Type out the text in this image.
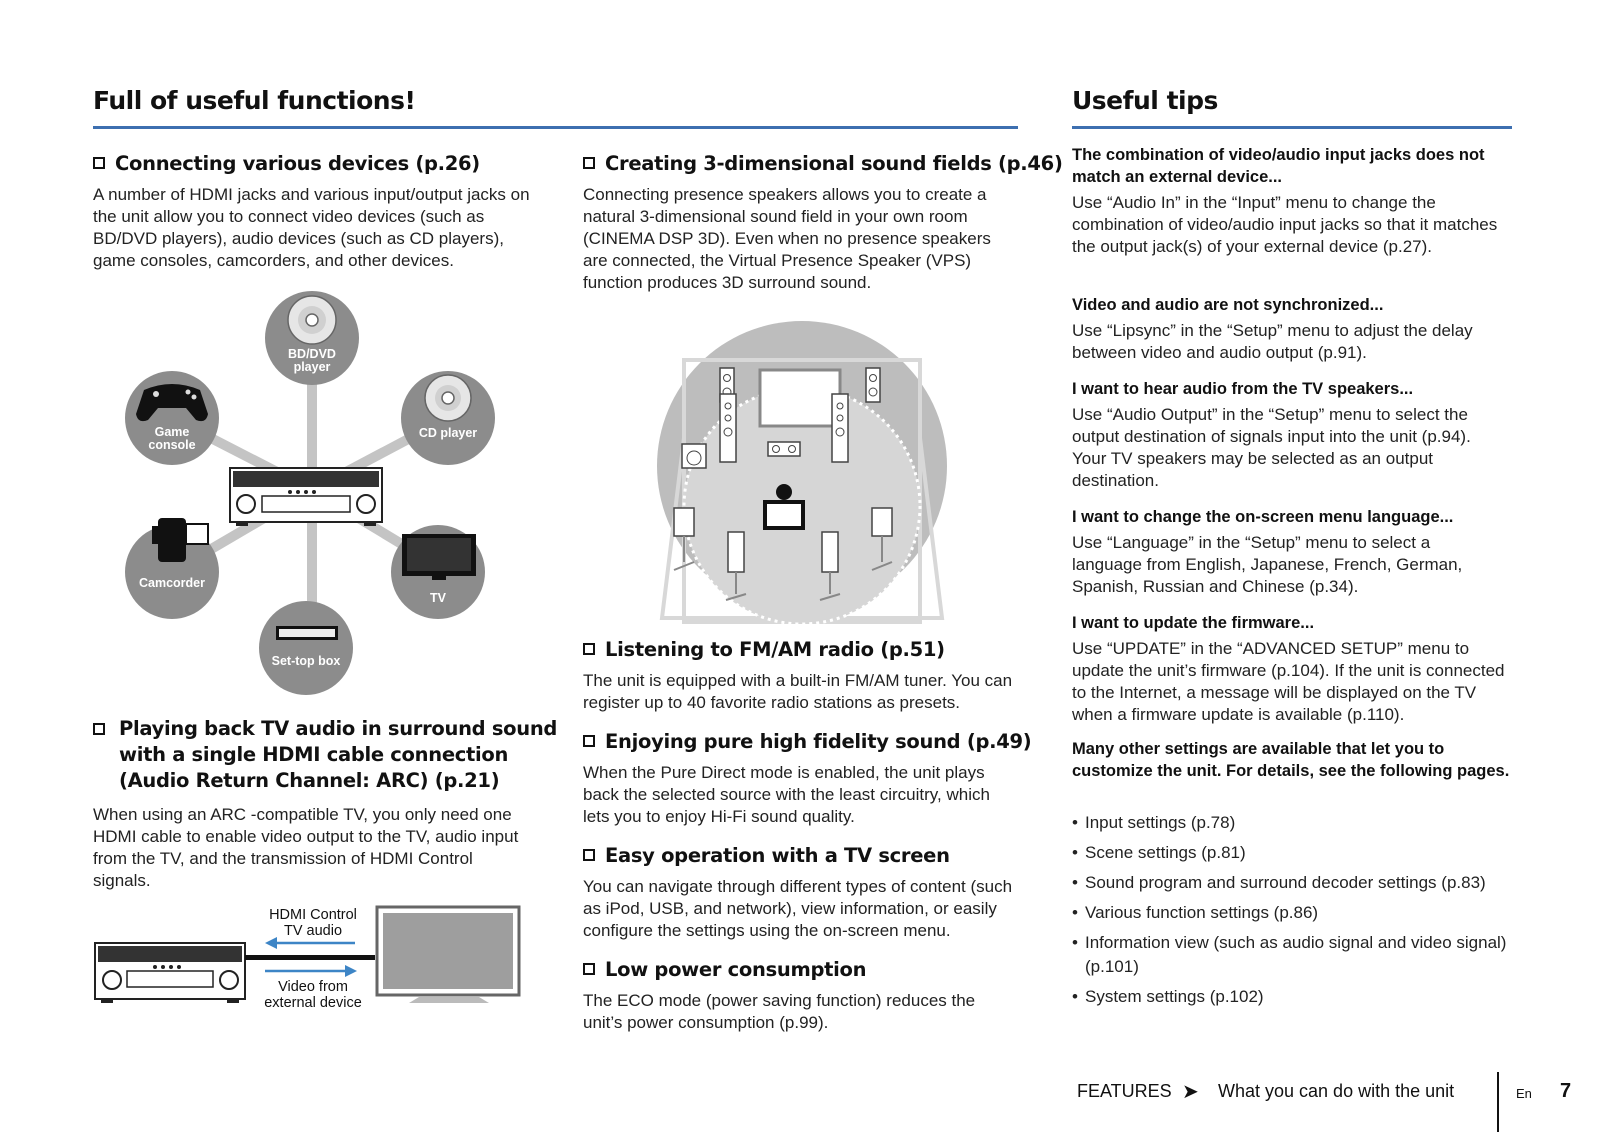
Full of useful functions!
Connecting various devices (p.26)
A number of HDMI jacks and various input/output jacks on the unit allow you to connect video devices (such as BD/DVD players), audio devices (such as CD players), game consoles, camcorders, and other devices.
BD/DVD
player
CD player
Game
console
Camcorder
TV
Set-top box
Playing back TV audio in surround sound with a single HDMI cable connection (Audio Return Channel: ARC) (p.21)
When using an ARC -compatible TV, you only need one HDMI cable to enable video output to the TV, audio input from the TV, and the transmission of HDMI Control signals.
HDMI Control
TV audio
Video from
external device
Creating 3-dimensional sound fields (p.46)
Connecting presence speakers allows you to create a natural 3-dimensional sound field in your own room (CINEMA DSP 3D). Even when no presence speakers are connected, the Virtual Presence Speaker (VPS) function produces 3D surround sound.
Listening to FM/AM radio (p.51)
The unit is equipped with a built-in FM/AM tuner. You can register up to 40 favorite radio stations as presets.
Enjoying pure high fidelity sound (p.49)
When the Pure Direct mode is enabled, the unit plays back the selected source with the least circuitry, which lets you to enjoy Hi-Fi sound quality.
Easy operation with a TV screen
You can navigate through different types of content (such as iPod, USB, and network), view information, or easily configure the settings using the on-screen menu.
Low power consumption
The ECO mode (power saving function) reduces the unit’s power consumption (p.99).
Useful tips
The combination of video/audio input jacks does not match an external device...
Use “Audio In” in the “Input” menu to change the combination of video/audio input jacks so that it matches the output jack(s) of your external device (p.27).
Video and audio are not synchronized...
Use “Lipsync” in the “Setup” menu to adjust the delay between video and audio output (p.91).
I want to hear audio from the TV speakers...
Use “Audio Output” in the “Setup” menu to select the output destination of signals input into the unit (p.94). Your TV speakers may be selected as an output destination.
I want to change the on-screen menu language...
Use “Language” in the “Setup” menu to select a language from English, Japanese, French, German, Spanish, Russian and Chinese (p.34).
I want to update the firmware...
Use “UPDATE” in the “ADVANCED SETUP” menu to update the unit’s firmware (p.104). If the unit is connected to the Internet, a message will be displayed on the TV when a firmware update is available (p.110).
Many other settings are available that let you to customize the unit. For details, see the following pages.
• Input settings (p.78)
• Scene settings (p.81)
• Sound program and surround decoder settings (p.83)
• Various function settings (p.86)
• Information view (such as audio signal and video signal) (p.101)
• System settings (p.102)
FEATURES ➤ What you can do with the unit	En 7
